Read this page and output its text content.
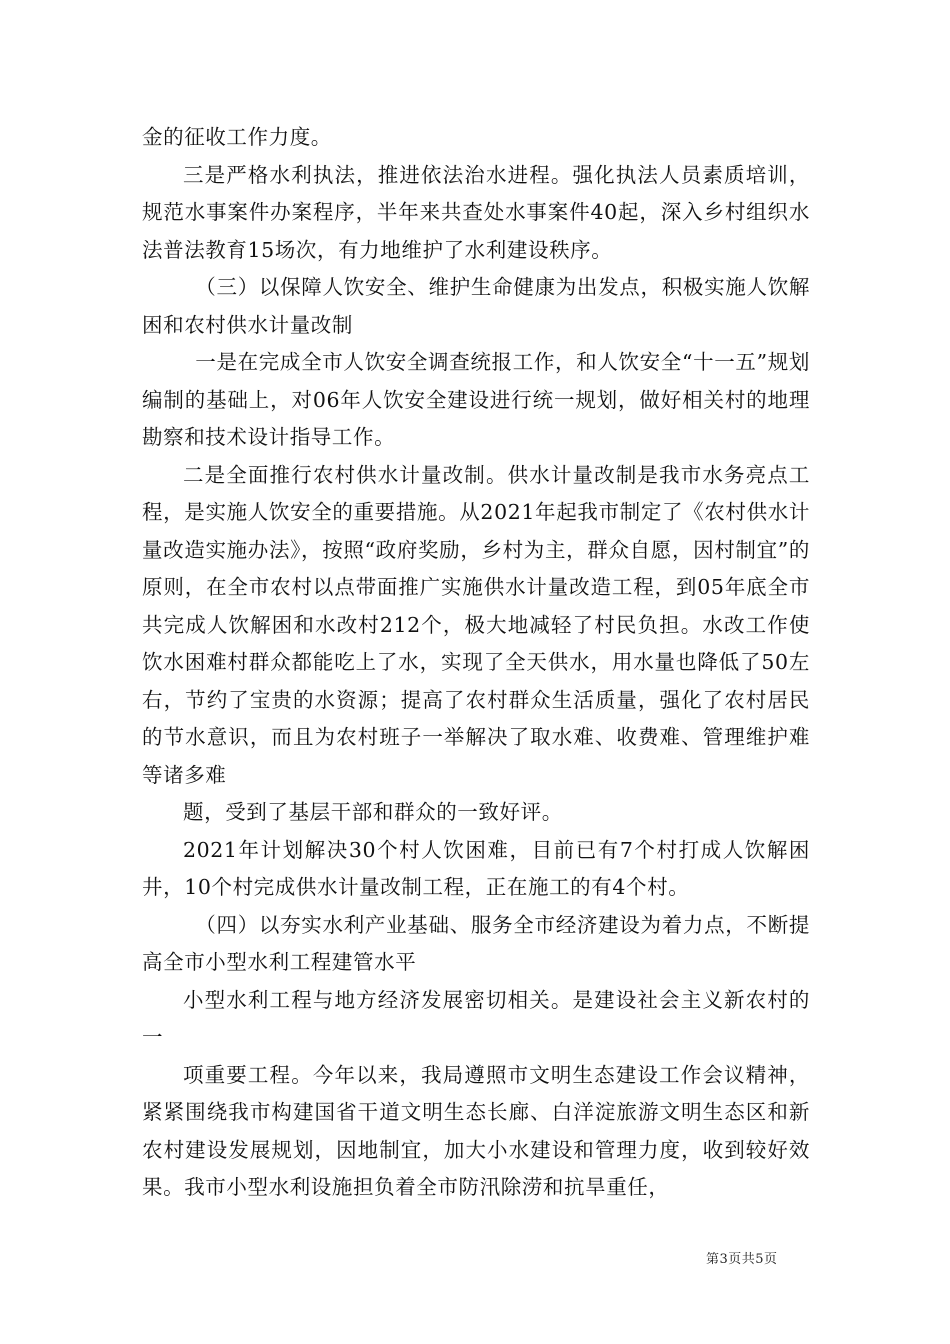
金的征收工作力度。

三是严格水利执法，推进依法治水进程。强化执法人员素质培训，规范水事案件办案程序，半年来共查处水事案件40起，深入乡村组织水法普法教育15场次，有力地维护了水利建设秩序。

（三）以保障人饮安全、维护生命健康为出发点，积极实施人饮解困和农村供水计量改制

一是在完成全市人饮安全调查统报工作，和人饮安全“十一五”规划编制的基础上，对06年人饮安全建设进行统一规划，做好相关村的地理勘察和技术设计指导工作。

二是全面推行农村供水计量改制。供水计量改制是我市水务亮点工程，是实施人饮安全的重要措施。从2021年起我市制定了《农村供水计量改造实施办法》，按照“政府奖励，乡村为主，群众自愿，因村制宜”的原则，在全市农村以点带面推广实施供水计量改造工程，到05年底全市共完成人饮解困和水改村212个，极大地减轻了村民负担。水改工作使饮水困难村群众都能吃上了水，实现了全天供水，用水量也降低了50左右，节约了宝贵的水资源；提高了农村群众生活质量，强化了农村居民的节水意识，而且为农村班子一举解决了取水难、收费难、管理维护难等诸多难

题，受到了基层干部和群众的一致好评。

2021年计划解决30个村人饮困难，目前已有7个村打成人饮解困井，10个村完成供水计量改制工程，正在施工的有4个村。

（四）以夯实水利产业基础、服务全市经济建设为着力点，不断提高全市小型水利工程建管水平

小型水利工程与地方经济发展密切相关。是建设社会主义新农村的一

项重要工程。今年以来，我局遵照市文明生态建设工作会议精神，紧紧围绕我市构建国省干道文明生态长廊、白洋淀旅游文明生态区和新农村建设发展规划，因地制宜，加大小水建设和管理力度，收到较好效果。我市小型水利设施担负着全市防汛除涝和抗旱重任，

第3页共5页
